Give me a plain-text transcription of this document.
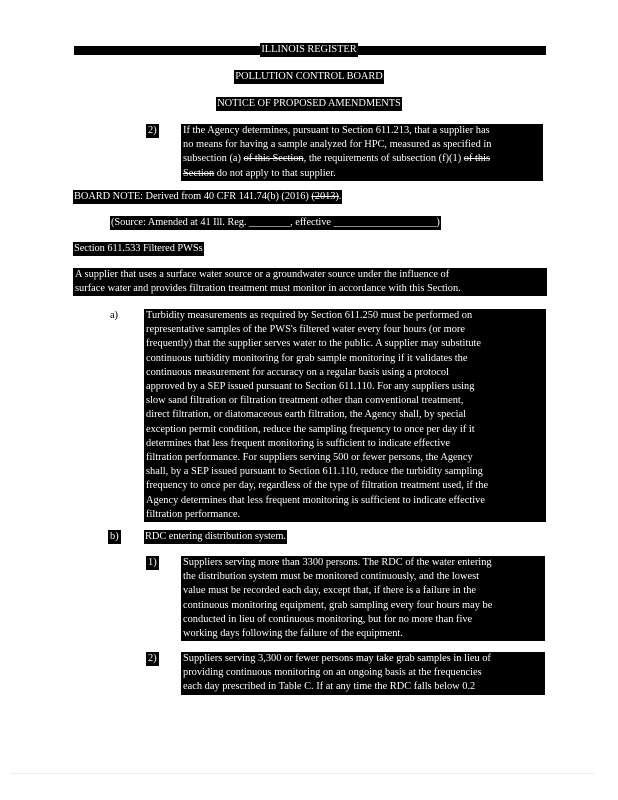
ILLINOIS REGISTER
POLLUTION CONTROL BOARD
NOTICE OF PROPOSED AMENDMENTS
2)	If the Agency determines, pursuant to Section 611.213, that a supplier has
no means for having a sample analyzed for HPC, measured as specified in
subsection (a) of this Section, the requirements of subsection (f)(1) of this
Section do not apply to that supplier.
BOARD NOTE: Derived from 40 CFR 141.74(b) (2016) (2013).
(Source: Amended at 41 Ill. Reg. ________, effective ____________________)
Section 611.533 Filtered PWSs
A supplier that uses a surface water source or a groundwater source under the influence of
surface water and provides filtration treatment must monitor in accordance with this Section.
a)	Turbidity measurements as required by Section 611.250 must be performed on
representative samples of the PWS's filtered water every four hours (or more
frequently) that the supplier serves water to the public. A supplier may substitute
continuous turbidity monitoring for grab sample monitoring if it validates the
continuous measurement for accuracy on a regular basis using a protocol
approved by a SEP issued pursuant to Section 611.110. For any suppliers using
slow sand filtration or filtration treatment other than conventional treatment,
direct filtration, or diatomaceous earth filtration, the Agency shall, by special
exception permit condition, reduce the sampling frequency to once per day if it
determines that less frequent monitoring is sufficient to indicate effective
filtration performance. For suppliers serving 500 or fewer persons, the Agency
shall, by a SEP issued pursuant to Section 611.110, reduce the turbidity sampling
frequency to once per day, regardless of the type of filtration treatment used, if the
Agency determines that less frequent monitoring is sufficient to indicate effective
filtration performance.
b)	RDC entering distribution system.
1)	Suppliers serving more than 3300 persons. The RDC of the water entering
the distribution system must be monitored continuously, and the lowest
value must be recorded each day, except that, if there is a failure in the
continuous monitoring equipment, grab sampling every four hours may be
conducted in lieu of continuous monitoring, but for no more than five
working days following the failure of the equipment.
2)	Suppliers serving 3,300 or fewer persons may take grab samples in lieu of
providing continuous monitoring on an ongoing basis at the frequencies
each day prescribed in Table C. If at any time the RDC falls below 0.2
